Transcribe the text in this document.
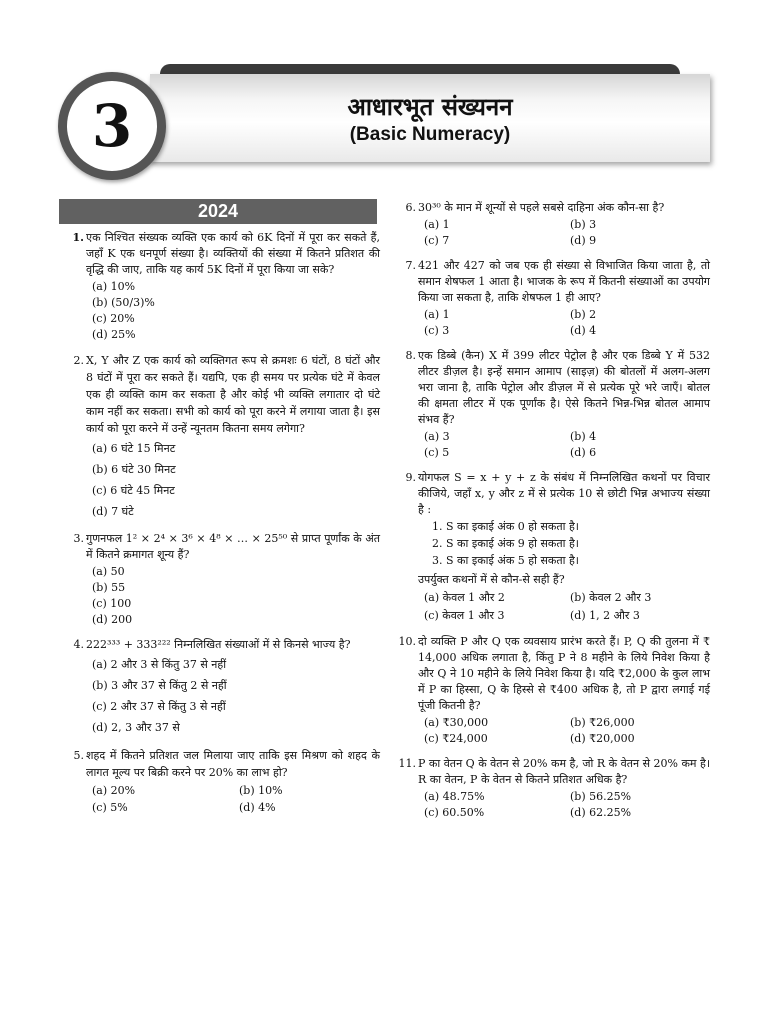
3	आधारभूत संख्यनन
(Basic Numeracy)
2024
1. एक निश्चित संख्यक व्यक्ति एक कार्य को 6K दिनों में पूरा कर सकते हैं, जहाँ K एक धनपूर्ण संख्या है। व्यक्तियों की संख्या में कितने प्रतिशत की वृद्धि की जाए, ताकि यह कार्य 5K दिनों में पूरा किया जा सके?
(a) 10%
(b) (50/3)%
(c) 20%
(d) 25%
2. X, Y और Z एक कार्य को व्यक्तिगत रूप से क्रमशः 6 घंटों, 8 घंटों और 8 घंटों में पूरा कर सकते हैं। यद्यपि, एक ही समय पर प्रत्येक घंटे में केवल एक ही व्यक्ति काम कर सकता है और कोई भी व्यक्ति लगातार दो घंटे काम नहीं कर सकता। सभी को कार्य को पूरा करने में लगाया जाता है। इस कार्य को पूरा करने में उन्हें न्यूनतम कितना समय लगेगा?
(a) 6 घंटे 15 मिनट
(b) 6 घंटे 30 मिनट
(c) 6 घंटे 45 मिनट
(d) 7 घंटे
3. गुणनफल 1² × 2⁴ × 3⁶ × 4⁸ × … × 25⁵⁰ से प्राप्त पूर्णांक के अंत में कितने क्रमागत शून्य हैं?
(a) 50
(b) 55
(c) 100
(d) 200
4. 222³³³ + 333²²² निम्नलिखित संख्याओं में से किनसे भाज्य है?
(a) 2 और 3 से किंतु 37 से नहीं
(b) 3 और 37 से किंतु 2 से नहीं
(c) 2 और 37 से किंतु 3 से नहीं
(d) 2, 3 और 37 से
5. शहद में कितने प्रतिशत जल मिलाया जाए ताकि इस मिश्रण को शहद के लागत मूल्य पर बिक्री करने पर 20% का लाभ हो?
(a) 20%	(b) 10%
(c) 5%	(d) 4%
6. 30³⁰ के मान में शून्यों से पहले सबसे दाहिना अंक कौन-सा है?
(a) 1	(b) 3
(c) 7	(d) 9
7. 421 और 427 को जब एक ही संख्या से विभाजित किया जाता है, तो समान शेषफल 1 आता है। भाजक के रूप में कितनी संख्याओं का उपयोग किया जा सकता है, ताकि शेषफल 1 ही आए?
(a) 1	(b) 2
(c) 3	(d) 4
8. एक डिब्बे (कैन) X में 399 लीटर पेट्रोल है और एक डिब्बे Y में 532 लीटर डीज़ल है। इन्हें समान आमाप (साइज़) की बोतलों में अलग-अलग भरा जाना है, ताकि पेट्रोल और डीज़ल में से प्रत्येक पूरे भरे जाएँ। बोतल की क्षमता लीटर में एक पूर्णांक है। ऐसे कितने भिन्न-भिन्न बोतल आमाप संभव हैं?
(a) 3	(b) 4
(c) 5	(d) 6
9. योगफल S = x + y + z के संबंध में निम्नलिखित कथनों पर विचार कीजिये, जहाँ x, y और z में से प्रत्येक 10 से छोटी भिन्न अभाज्य संख्या है :
1. S का इकाई अंक 0 हो सकता है।
2. S का इकाई अंक 9 हो सकता है।
3. S का इकाई अंक 5 हो सकता है।
उपर्युक्त कथनों में से कौन-से सही हैं?
(a) केवल 1 और 2	(b) केवल 2 और 3
(c) केवल 1 और 3	(d) 1, 2 और 3
10. दो व्यक्ति P और Q एक व्यवसाय प्रारंभ करते हैं। P, Q की तुलना में ₹ 14,000 अधिक लगाता है, किंतु P ने 8 महीने के लिये निवेश किया है और Q ने 10 महीने के लिये निवेश किया है। यदि ₹2,000 के कुल लाभ में P का हिस्सा, Q के हिस्से से ₹400 अधिक है, तो P द्वारा लगाई गई पूंजी कितनी है?
(a) ₹30,000	(b) ₹26,000
(c) ₹24,000	(d) ₹20,000
11. P का वेतन Q के वेतन से 20% कम है, जो R के वेतन से 20% कम है। R का वेतन, P के वेतन से कितने प्रतिशत अधिक है?
(a) 48.75%	(b) 56.25%
(c) 60.50%	(d) 62.25%
